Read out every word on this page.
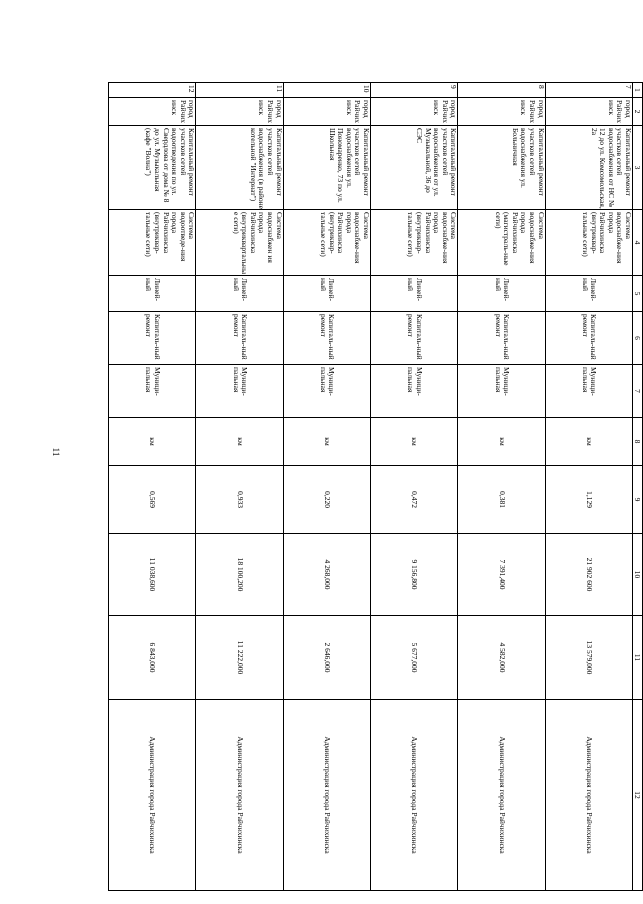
11
1	2	3	4	5	6	7	8	9	10	11	12
7	город Райчихинск	Капитальный ремонт участков сетей водоснабжения от НС № 12 до ул. Комсомольская, 2а	Система водоснабже-ния города Райчихинска (внутриквар-тальные сети)	Линей-ный	Капиталь-ный ремонт	Муници-пальная	км	1,129	21 902 600	13 579,000	Администрация города Райчихинска
8	город Райчихинск	Капитальный ремонт участков сетей водоснабжения ул. Больничная	Система водоснабже-ния города Райчихинска (магистраль-ные сети)	Линей-ный	Капиталь-ный ремонт	Муници-пальная	км	0,381	7 391,400	4 582,000	Администрация города Райчихинска
9	город Райчихинск	Капитальный ремонт участков сетей водоснабжения от ул. Музыкальной, 36 до СЭС	Система водоснабже-ния города Райчихинска (внутриквар-тальные сети)	Линей-ный	Капиталь-ный ремонт	Муници-пальная	км	0,472	9 156,800	5 677,000	Администрация города Райчихинска
10	город Райчихинск	Капитальный ремонт участков сетей водоснабжения ул. Пономаренко, 73 по ул. Школьная	Система водоснабже-ния города Райчихинска (внутриквар-тальные сети)	Линей-ный	Капиталь-ный ремонт	Муници-пальная	км	0,220	4 268,000	2 646,000	Администрация города Райчихинска
11	город Райчихинск	Капитальный ремонт участков сетей водоснабжения (в районе котельной "Интернат")	Система водоснабжен ия города Райчихинска (внутриквартальные сети)	Линей-ный	Капиталь-ный ремонт	Муници-пальная	км	0,933	18 100,200	11 222,000	Администрация города Райчихинска
12	город Райчихинск	Капитальный ремонт участков сетей водоотведения по ул. Свердлова от дома № 8 до ул. Музыкальная (кафе "Волна")	Система водоотведе-ния города Райчихинска (внутриквар-тальные сети)	Линей-ный	Капиталь-ный ремонт	Муници-пальная	км	0,569	11 038,600	6 843,000	Администрация города Райчихинска
